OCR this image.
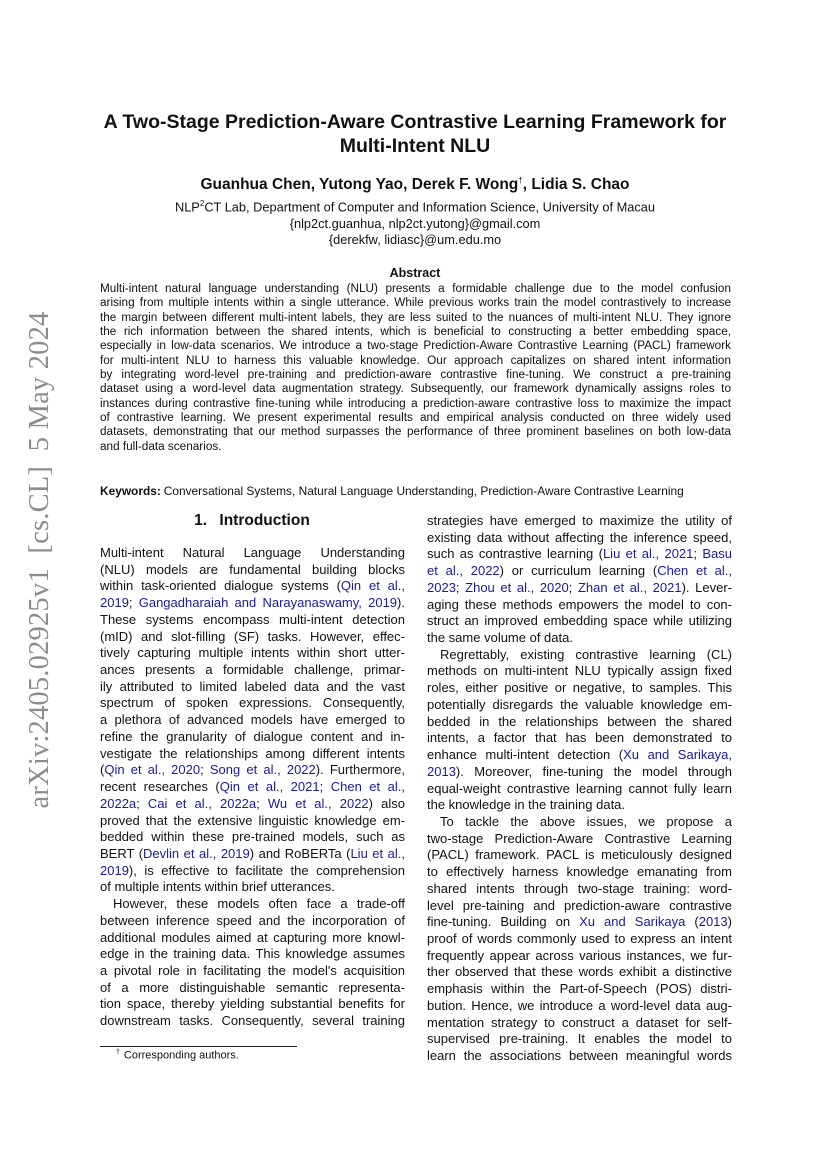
arXiv:2405.02925v1  [cs.CL]  5 May 2024
A Two-Stage Prediction-Aware Contrastive Learning Framework for
Multi-Intent NLU
Guanhua Chen, Yutong Yao, Derek F. Wong†, Lidia S. Chao
NLP$^2$CT Lab, Department of Computer and Information Science, University of Macau
{nlp2ct.guanhua, nlp2ct.yutong}@gmail.com
{derekfw, lidiasc}@um.edu.mo
Abstract
Multi-intent natural language understanding (NLU) presents a formidable challenge due to the model confusion
arising from multiple intents within a single utterance. While previous works train the model contrastively to increase
the margin between different multi-intent labels, they are less suited to the nuances of multi-intent NLU. They ignore
the rich information between the shared intents, which is beneficial to constructing a better embedding space,
especially in low-data scenarios. We introduce a two-stage Prediction-Aware Contrastive Learning (PACL) framework
for multi-intent NLU to harness this valuable knowledge. Our approach capitalizes on shared intent information
by integrating word-level pre-training and prediction-aware contrastive fine-tuning. We construct a pre-training
dataset using a word-level data augmentation strategy. Subsequently, our framework dynamically assigns roles to
instances during contrastive fine-tuning while introducing a prediction-aware contrastive loss to maximize the impact
of contrastive learning. We present experimental results and empirical analysis conducted on three widely used
datasets, demonstrating that our method surpasses the performance of three prominent baselines on both low-data
and full-data scenarios.
Keywords: Conversational Systems, Natural Language Understanding, Prediction-Aware Contrastive Learning
1. Introduction
Multi-intent Natural Language Understanding
(NLU) models are fundamental building blocks
within task-oriented dialogue systems (Qin et al.,
2019; Gangadharaiah and Narayanaswamy, 2019).
These systems encompass multi-intent detection
(mID) and slot-filling (SF) tasks. However, effec-
tively capturing multiple intents within short utter-
ances presents a formidable challenge, primar-
ily attributed to limited labeled data and the vast
spectrum of spoken expressions. Consequently,
a plethora of advanced models have emerged to
refine the granularity of dialogue content and in-
vestigate the relationships among different intents
(Qin et al., 2020; Song et al., 2022). Furthermore,
recent researches (Qin et al., 2021; Chen et al.,
2022a; Cai et al., 2022a; Wu et al., 2022) also
proved that the extensive linguistic knowledge em-
bedded within these pre-trained models, such as
BERT (Devlin et al., 2019) and RoBERTa (Liu et al.,
2019), is effective to facilitate the comprehension
of multiple intents within brief utterances.
However, these models often face a trade-off
between inference speed and the incorporation of
additional modules aimed at capturing more knowl-
edge in the training data. This knowledge assumes
a pivotal role in facilitating the model's acquisition
of a more distinguishable semantic representa-
tion space, thereby yielding substantial benefits for
downstream tasks. Consequently, several training
strategies have emerged to maximize the utility of
existing data without affecting the inference speed,
such as contrastive learning (Liu et al., 2021; Basu
et al., 2022) or curriculum learning (Chen et al.,
2023; Zhou et al., 2020; Zhan et al., 2021). Lever-
aging these methods empowers the model to con-
struct an improved embedding space while utilizing
the same volume of data.
Regrettably, existing contrastive learning (CL)
methods on multi-intent NLU typically assign fixed
roles, either positive or negative, to samples. This
potentially disregards the valuable knowledge em-
bedded in the relationships between the shared
intents, a factor that has been demonstrated to
enhance multi-intent detection (Xu and Sarikaya,
2013). Moreover, fine-tuning the model through
equal-weight contrastive learning cannot fully learn
the knowledge in the training data.
To tackle the above issues, we propose a
two-stage Prediction-Aware Contrastive Learning
(PACL) framework. PACL is meticulously designed
to effectively harness knowledge emanating from
shared intents through two-stage training: word-
level pre-taining and prediction-aware contrastive
fine-tuning. Building on Xu and Sarikaya (2013)
proof of words commonly used to express an intent
frequently appear across various instances, we fur-
ther observed that these words exhibit a distinctive
emphasis within the Part-of-Speech (POS) distri-
bution. Hence, we introduce a word-level data aug-
mentation strategy to construct a dataset for self-
supervised pre-training. It enables the model to
learn the associations between meaningful words
† Corresponding authors.
